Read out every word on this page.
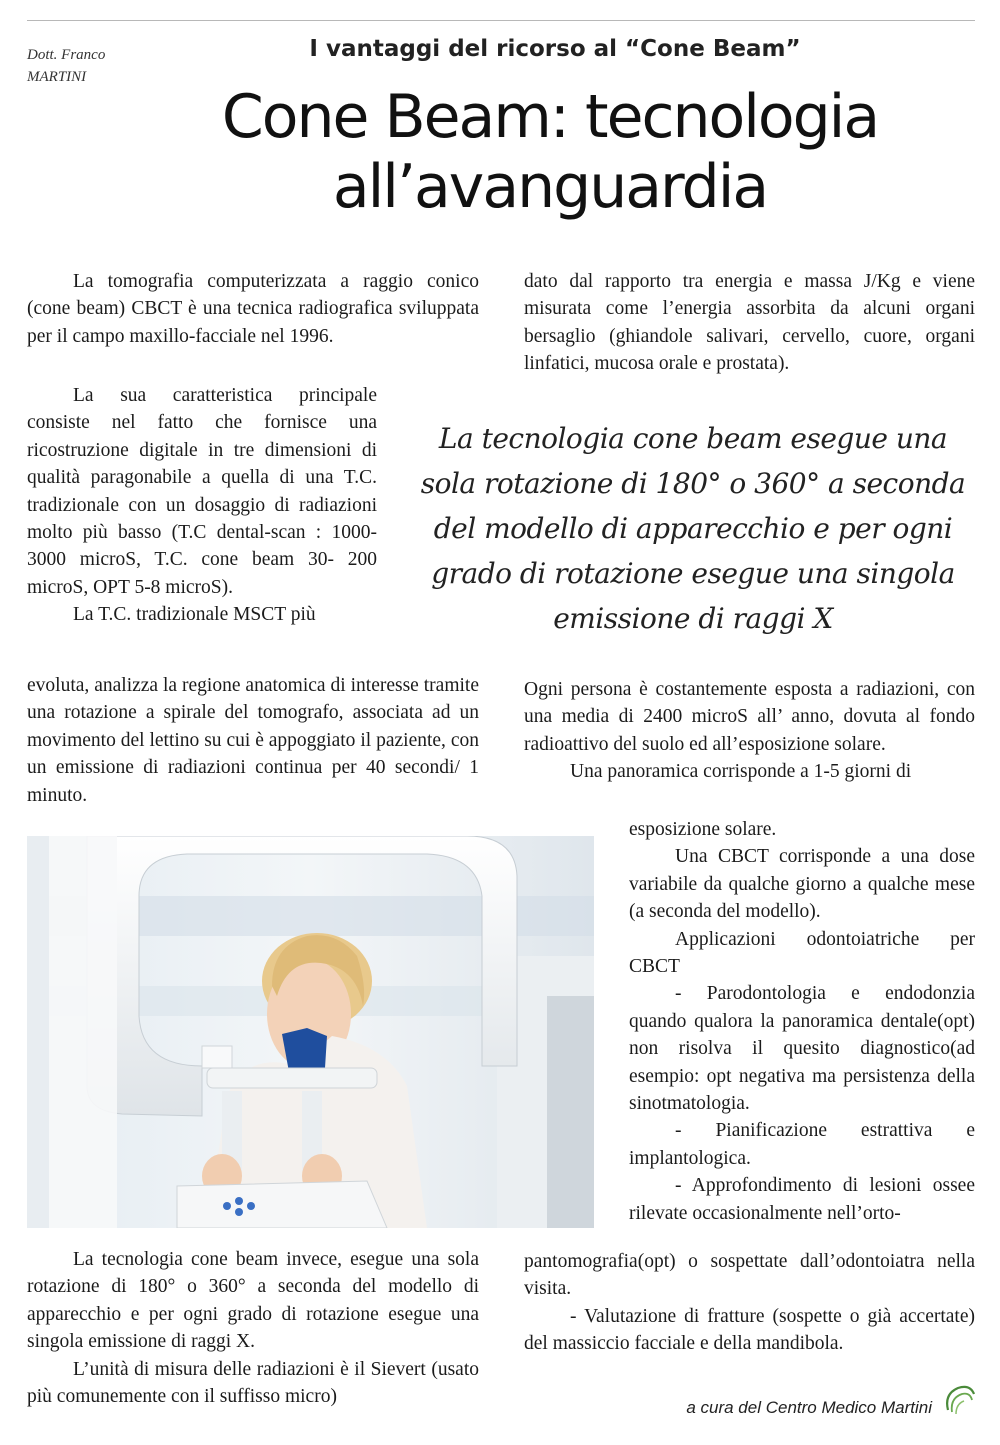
Dott. Franco
MARTINI
I vantaggi del ricorso al “Cone Beam”
Cone Beam: tecnologia
all’avanguardia

La tomografia computerizzata a raggio conico (cone beam) CBCT è una tecnica radiografica sviluppata per il campo maxillo-facciale nel 1996.

La sua caratteristica principale consiste nel fatto che fornisce una ricostruzione digitale in tre dimensioni di qualità paragonabile a quella di una T.C. tradizionale con un dosaggio di radiazioni molto più basso (T.C dental-scan : 1000- 3000 microS, T.C. cone beam 30- 200 microS, OPT 5-8 microS).

La T.C. tradizionale MSCT più

evoluta, analizza la regione anatomica di interesse tramite una rotazione a spirale del tomografo, associata ad un movimento del lettino su cui è appoggiato il paziente, con un emissione di radiazioni continua per 40 secondi/ 1 minuto.

La tecnologia cone beam invece, esegue una sola rotazione di 180° o 360° a seconda del modello di apparecchio e per ogni grado di rotazione esegue una singola emissione di raggi X.

L’unità di misura delle radiazioni è il Sievert (usato più comunemente con il suffisso micro)

dato dal rapporto tra energia e massa J/Kg e viene misurata come l’energia assorbita da alcuni organi bersaglio (ghiandole salivari, cervello, cuore, organi linfatici, mucosa orale e prostata).

La tecnologia cone beam esegue una sola rotazione di 180° o 360° a seconda del modello di apparecchio e per ogni grado di rotazione esegue una singola emissione di raggi X

Ogni persona è costantemente esposta a radiazioni, con una media di 2400 microS all’ anno, dovuta al fondo radioattivo del suolo ed all’esposizione solare.

Una panoramica corrisponde a 1-5 giorni di

esposizione solare.

Una CBCT corrisponde a una dose variabile da qualche giorno a qualche mese (a seconda del modello).

Applicazioni odontoiatriche per CBCT

- Parodontologia e endodonzia quando qualora la panoramica dentale(opt) non risolva il quesito diagnostico(ad esempio: opt negativa ma persistenza della sinotmatologia.

- Pianificazione estrattiva e implantologica.

- Approfondimento di lesioni ossee rilevate occasionalmente nell’orto-

pantomografia(opt) o sospettate dall’odontoiatra nella visita.

- Valutazione di fratture (sospette o già accertate) del massiccio facciale e della mandibola.

a cura del Centro Medico Martini
